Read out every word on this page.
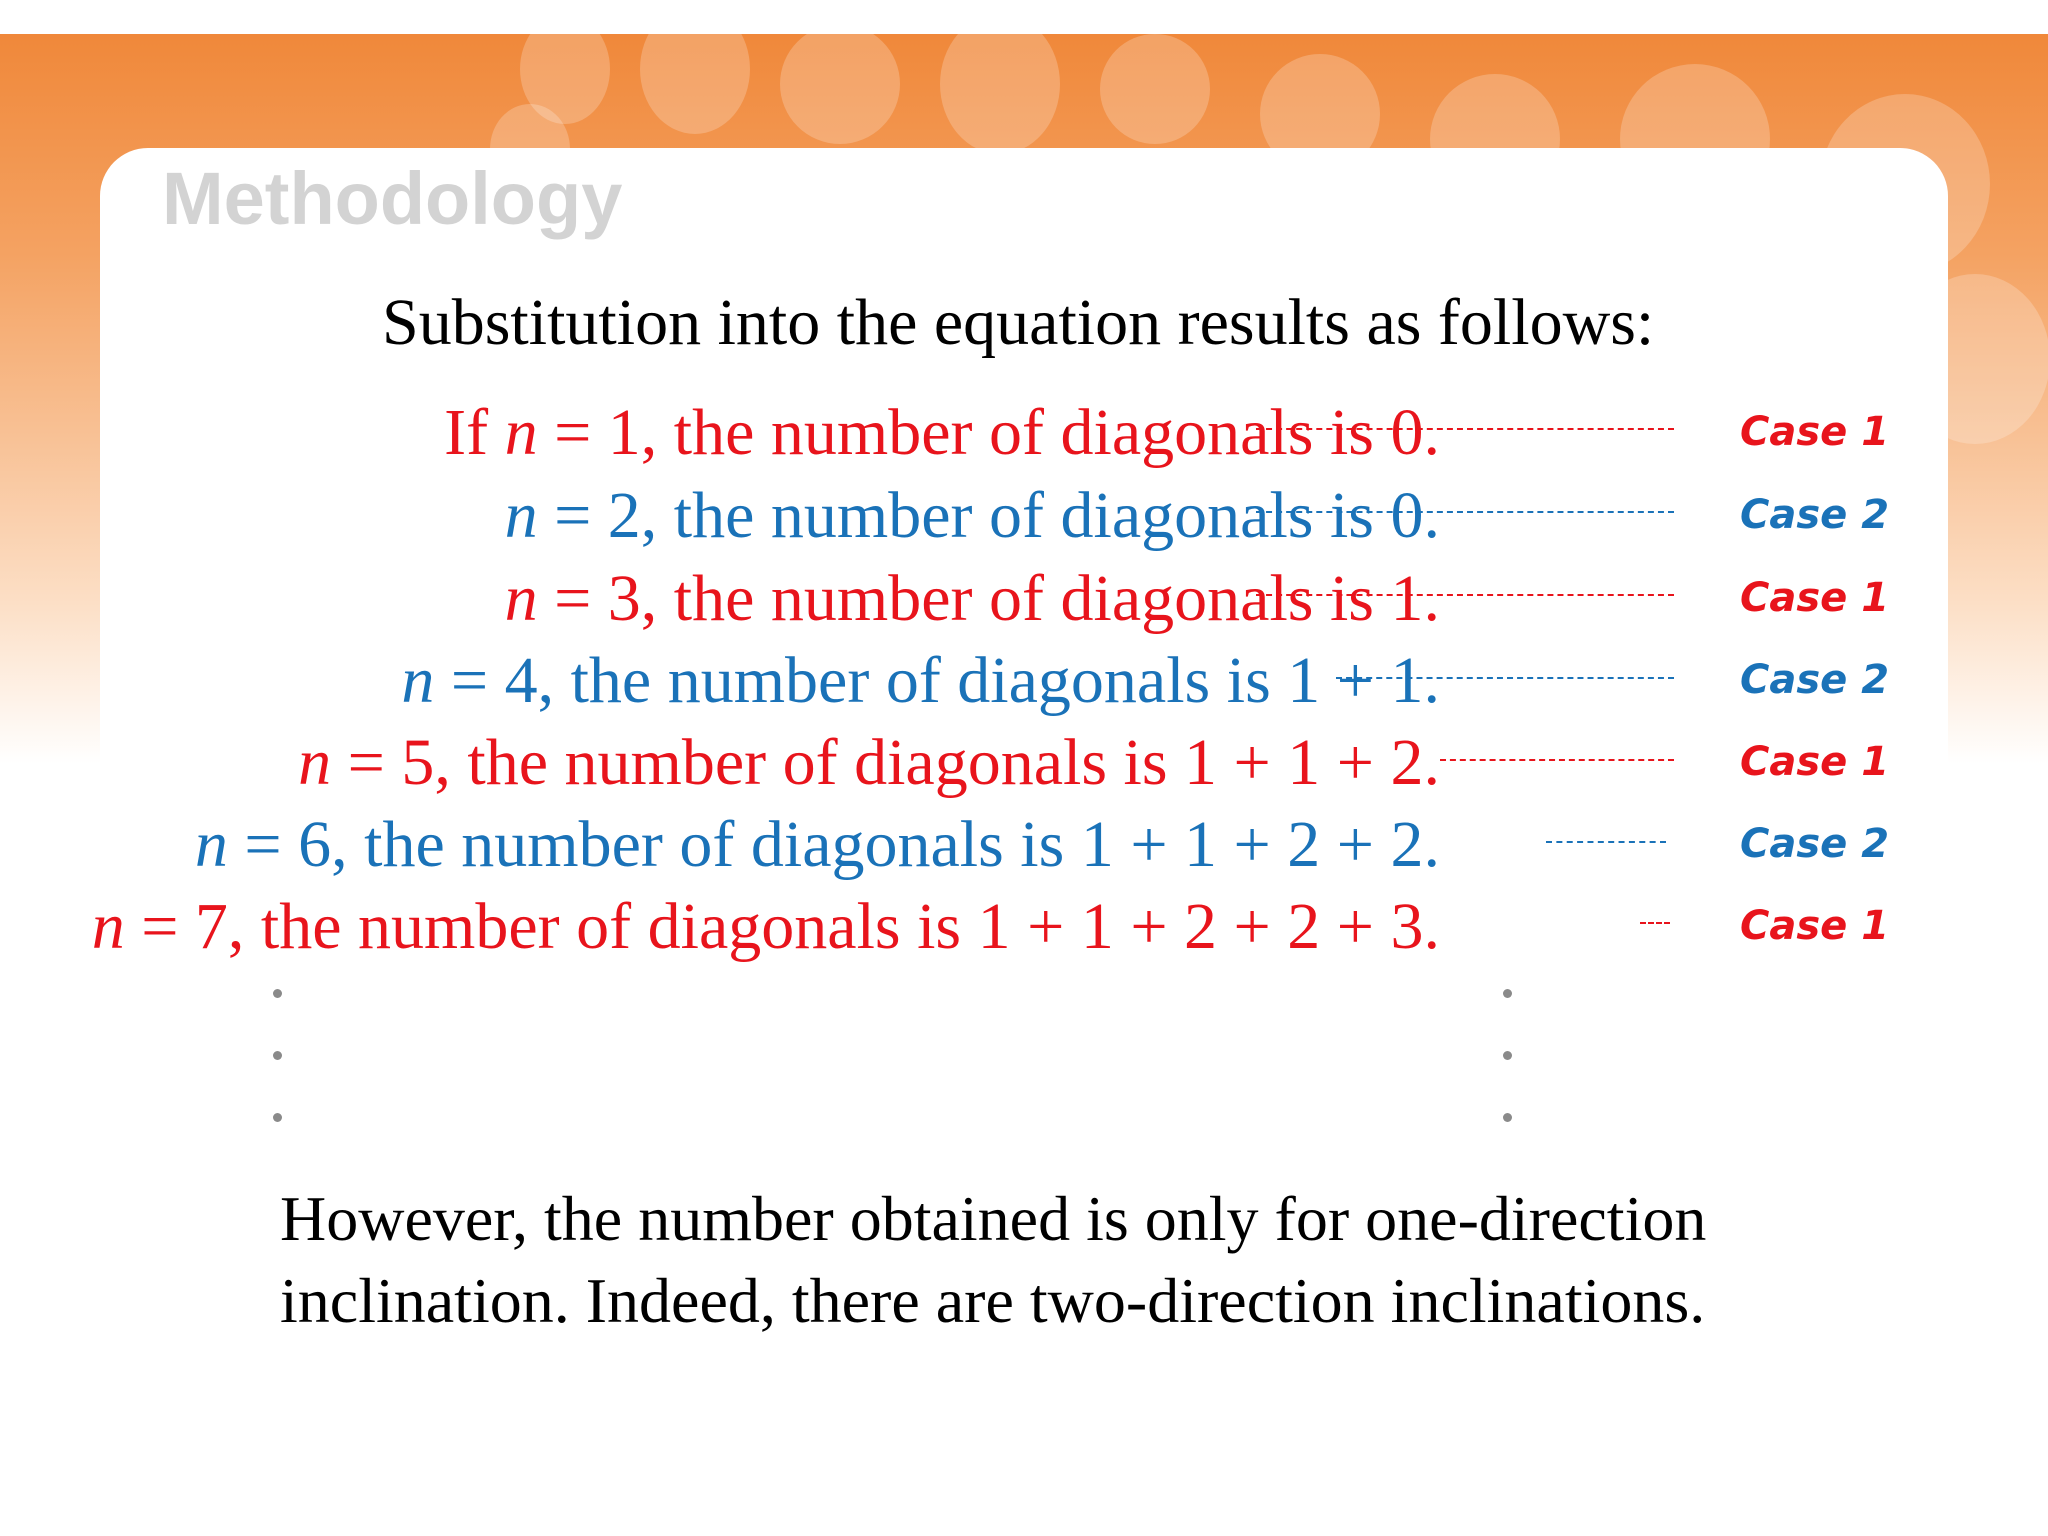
Methodology

Substitution into the equation results as follows:

If n = 1, the number of diagonals is 0.	Case 1
n = 2, the number of diagonals is 0.	Case 2
n = 3, the number of diagonals is 1.	Case 1
n = 4, the number of diagonals is 1 + 1.	Case 2
n = 5, the number of diagonals is 1 + 1 + 2.	Case 1
n = 6, the number of diagonals is 1 + 1 + 2 + 2.	Case 2
n = 7, the number of diagonals is 1 + 1 + 2 + 2 + 3.	Case 1

However, the number obtained is only for one-direction
inclination. Indeed, there are two-direction inclinations.
